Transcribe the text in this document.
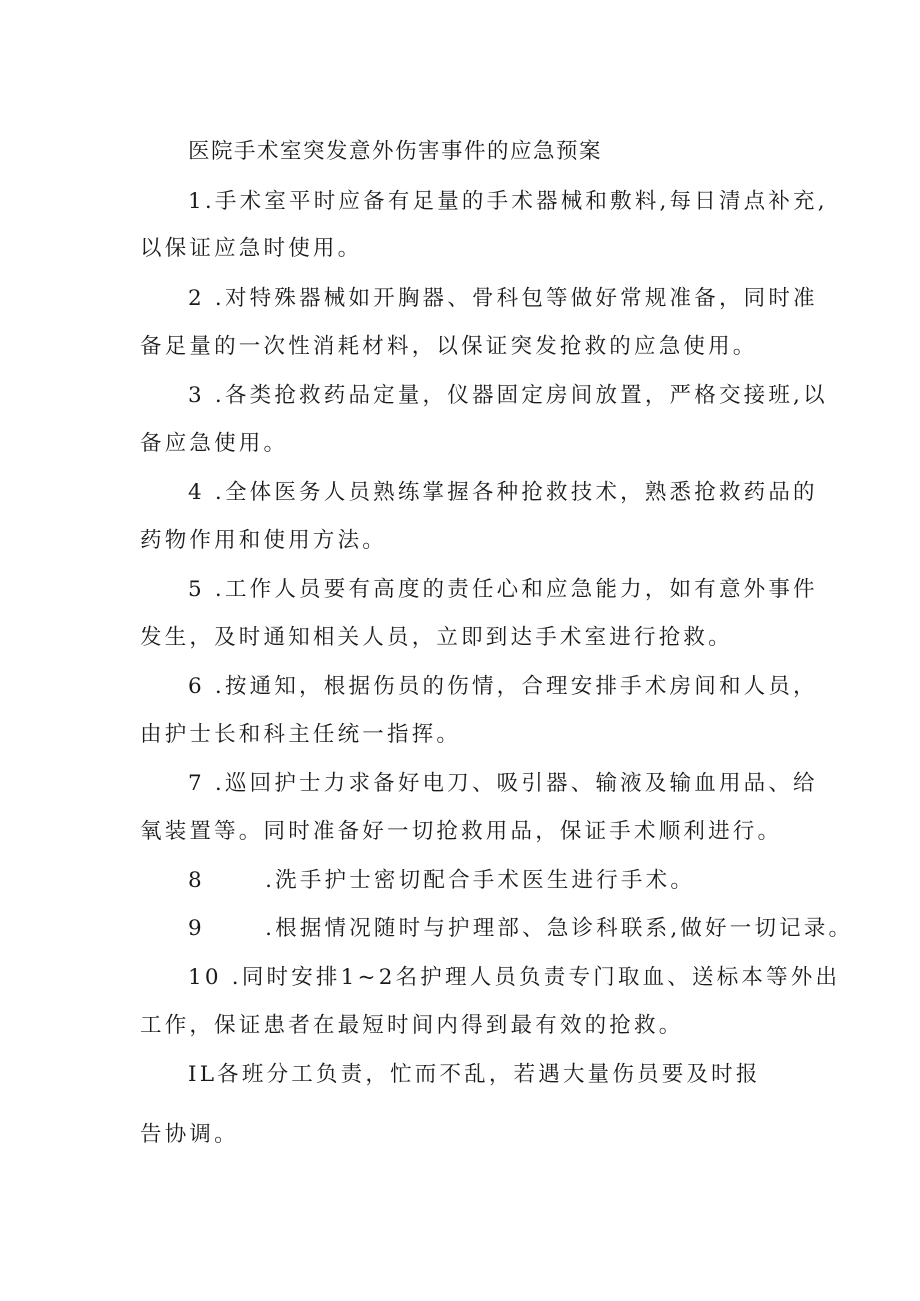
医院手术室突发意外伤害事件的应急预案
1.手术室平时应备有足量的手术器械和敷料,每日清点补充,
以保证应急时使用。
2 .对特殊器械如开胸器、骨科包等做好常规准备，同时准
备足量的一次性消耗材料，以保证突发抢救的应急使用。
3 .各类抢救药品定量，仪器固定房间放置，严格交接班,以
备应急使用。
4 .全体医务人员熟练掌握各种抢救技术，熟悉抢救药品的
药物作用和使用方法。
5 .工作人员要有高度的责任心和应急能力，如有意外事件
发生，及时通知相关人员，立即到达手术室进行抢救。
6 .按通知，根据伤员的伤情，合理安排手术房间和人员，
由护士长和科主任统一指挥。
7 .巡回护士力求备好电刀、吸引器、输液及输血用品、给
氧装置等。同时准备好一切抢救用品，保证手术顺利进行。
8      .洗手护士密切配合手术医生进行手术。
9      .根据情况随时与护理部、急诊科联系,做好一切记录。
10 .同时安排1~2名护理人员负责专门取血、送标本等外出
工作，保证患者在最短时间内得到最有效的抢救。
IL各班分工负责，忙而不乱，若遇大量伤员要及时报
告协调。
